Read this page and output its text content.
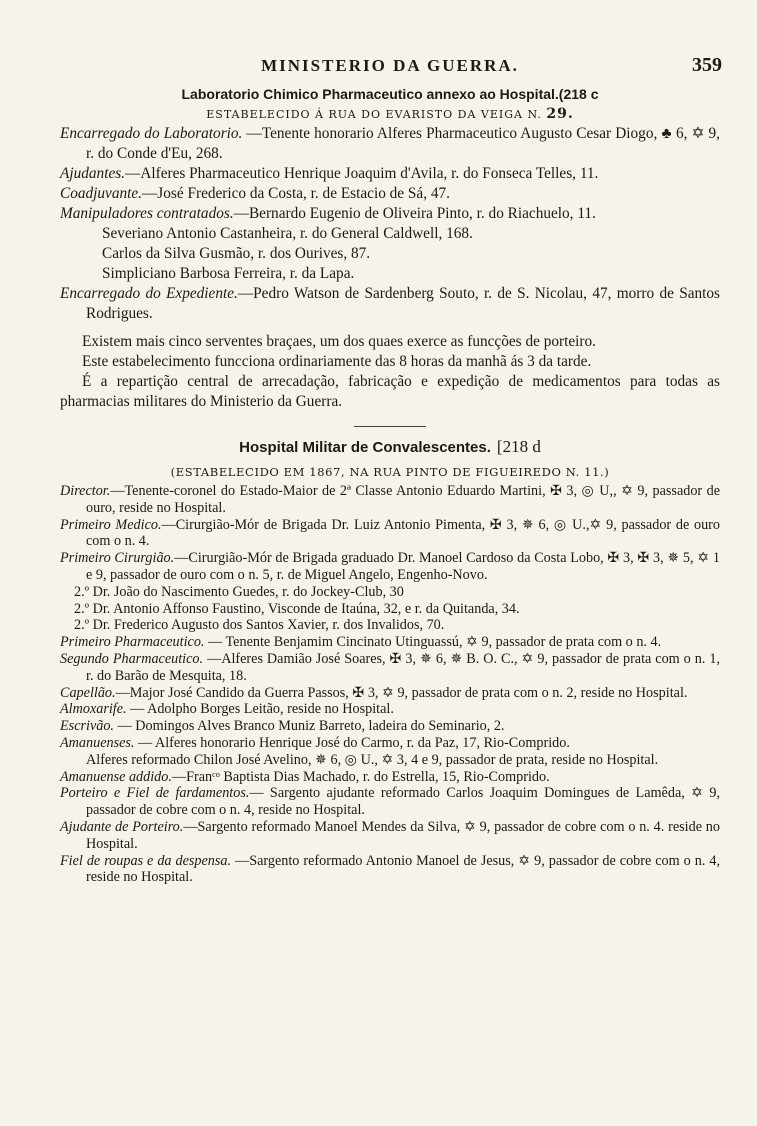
MINISTERIO DA GUERRA.	359
Laboratorio Chimico Pharmaceutico annexo ao Hospital.(218 c
ESTABELECIDO Á RUA DO EVARISTO DA VEIGA N. 29.
Encarregado do Laboratorio. —Tenente honorario Alferes Pharmaceutico Augusto Cesar Diogo, ♣ 6, ✡ 9, r. do Conde d'Eu, 268.
Ajudantes.—Alferes Pharmaceutico Henrique Joaquim d'Avila, r. do Fonseca Telles, 11.
Coadjuvante.—José Frederico da Costa, r. de Estacio de Sá, 47.
Manipuladores contratados.—Bernardo Eugenio de Oliveira Pinto, r. do Riachuelo, 11.
Severiano Antonio Castanheira, r. do General Caldwell, 168.
Carlos da Silva Gusmão, r. dos Ourives, 87.
Simpliciano Barbosa Ferreira, r. da Lapa.
Encarregado do Expediente.—Pedro Watson de Sardenberg Souto, r. de S. Nicolau, 47, morro de Santos Rodrigues.
Existem mais cinco serventes braçaes, um dos quaes exerce as funcções de porteiro.
Este estabelecimento funcciona ordinariamente das 8 horas da manhã ás 3 da tarde.
É a repartição central de arrecadação, fabricação e expedição de medicamentos para todas as pharmacias militares do Ministerio da Guerra.
Hospital Militar de Convalescentes. [218 d
(ESTABELECIDO EM 1867, NA RUA PINTO DE FIGUEIREDO N. 11.)
Director.—Tenente-coronel do Estado-Maior de 2ª Classe Antonio Eduardo Martini, ✠ 3, ◎ U,, ✡ 9, passador de ouro, reside no Hospital.
Primeiro Medico.—Cirurgião-Mór de Brigada Dr. Luiz Antonio Pimenta, ✠ 3, ✵ 6, ◎ U.,✡ 9, passador de ouro com o n. 4.
Primeiro Cirurgião.—Cirurgião-Mór de Brigada graduado Dr. Manoel Cardoso da Costa Lobo, ✠ 3, ✠ 3, ✵ 5, ✡ 1 e 9, passador de ouro com o n. 5, r. de Miguel Angelo, Engenho-Novo.
2.º Dr. João do Nascimento Guedes, r. do Jockey-Club, 30
2.º Dr. Antonio Affonso Faustino, Visconde de Itaúna, 32, e r. da Quitanda, 34.
2.º Dr. Frederico Augusto dos Santos Xavier, r. dos Invalidos, 70.
Primeiro Pharmaceutico. — Tenente Benjamim Cincinato Utinguassú, ✡ 9, passador de prata com o n. 4.
Segundo Pharmaceutico. —Alferes Damião José Soares, ✠ 3, ✵ 6, ✵ B. O. C., ✡ 9, passador de prata com o n. 1, r. do Barão de Mesquita, 18.
Capellão.—Major José Candido da Guerra Passos, ✠ 3, ✡ 9, passador de prata com o n. 2, reside no Hospital.
Almoxarife. — Adolpho Borges Leitão, reside no Hospital.
Escrivão. — Domingos Alves Branco Muniz Barreto, ladeira do Seminario, 2.
Amanuenses. — Alferes honorario Henrique José do Carmo, r. da Paz, 17, Rio-Comprido.
Alferes reformado Chilon José Avelino, ✵ 6, ◎ U., ✡ 3, 4 e 9, passador de prata, reside no Hospital.
Amanuense addido.—Franᶜᵒ Baptista Dias Machado, r. do Estrella, 15, Rio-Comprido.
Porteiro e Fiel de fardamentos.— Sargento ajudante reformado Carlos Joaquim Domingues de Lamêda, ✡ 9, passador de cobre com o n. 4, reside no Hospital.
Ajudante de Porteiro.—Sargento reformado Manoel Mendes da Silva, ✡ 9, passador de cobre com o n. 4. reside no Hospital.
Fiel de roupas e da despensa. —Sargento reformado Antonio Manoel de Jesus, ✡ 9, passador de cobre com o n. 4, reside no Hospital.
